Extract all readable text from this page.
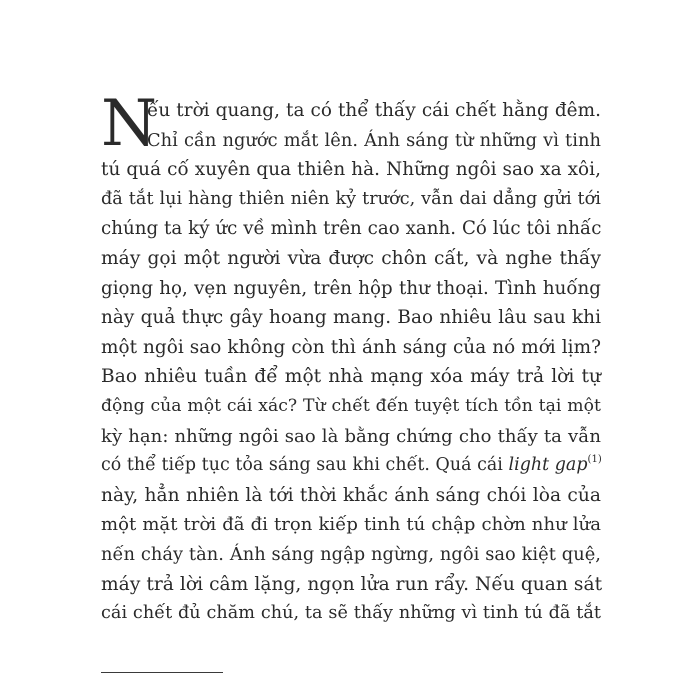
N
ếu trời quang, ta có thể thấy cái chết hằng đêm.
Chỉ cần ngước mắt lên. Ánh sáng từ những vì tinh
tú quá cố xuyên qua thiên hà. Những ngôi sao xa xôi,
đã tắt lụi hàng thiên niên kỷ trước, vẫn dai dẳng gửi tới
chúng ta ký ức về mình trên cao xanh. Có lúc tôi nhấc
máy gọi một người vừa được chôn cất, và nghe thấy
giọng họ, vẹn nguyên, trên hộp thư thoại. Tình huống
này quả thực gây hoang mang. Bao nhiêu lâu sau khi
một ngôi sao không còn thì ánh sáng của nó mới lịm?
Bao nhiêu tuần để một nhà mạng xóa máy trả lời tự
động của một cái xác? Từ chết đến tuyệt tích tồn tại một
kỳ hạn: những ngôi sao là bằng chứng cho thấy ta vẫn
có thể tiếp tục tỏa sáng sau khi chết. Quá cái light gap$^{(1)}$
này, hẳn nhiên là tới thời khắc ánh sáng chói lòa của
một mặt trời đã đi trọn kiếp tinh tú chập chờn như lửa
nến cháy tàn. Ánh sáng ngập ngừng, ngôi sao kiệt quệ,
máy trả lời câm lặng, ngọn lửa run rẩy. Nếu quan sát
cái chết đủ chăm chú, ta sẽ thấy những vì tinh tú đã tắt
